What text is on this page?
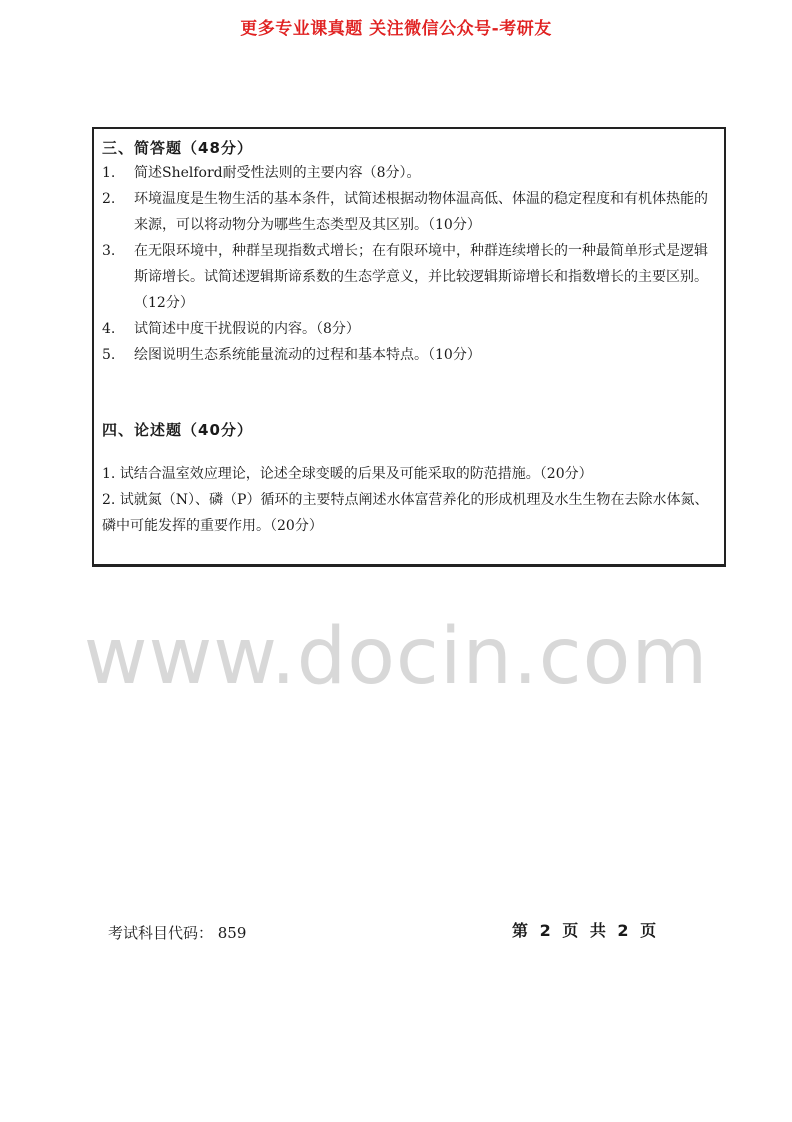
更多专业课真题 关注微信公众号-考研友
三、简答题（48分）
1. 简述Shelford耐受性法则的主要内容（8分）。
2. 环境温度是生物生活的基本条件，试简述根据动物体温高低、体温的稳定程度和有机体热能的来源，可以将动物分为哪些生态类型及其区别。（10分）
3. 在无限环境中，种群呈现指数式增长；在有限环境中，种群连续增长的一种最简单形式是逻辑斯谛增长。试简述逻辑斯谛系数的生态学意义，并比较逻辑斯谛增长和指数增长的主要区别。（12分）
4. 试简述中度干扰假说的内容。（8分）
5. 绘图说明生态系统能量流动的过程和基本特点。（10分）
四、论述题（40分）
1. 试结合温室效应理论，论述全球变暖的后果及可能采取的防范措施。（20分）
2. 试就氮（N）、磷（P）循环的主要特点阐述水体富营养化的形成机理及水生生物在去除水体氮、磷中可能发挥的重要作用。（20分）
www.docin.com
考试科目代码： 859	第 2 页 共 2 页
